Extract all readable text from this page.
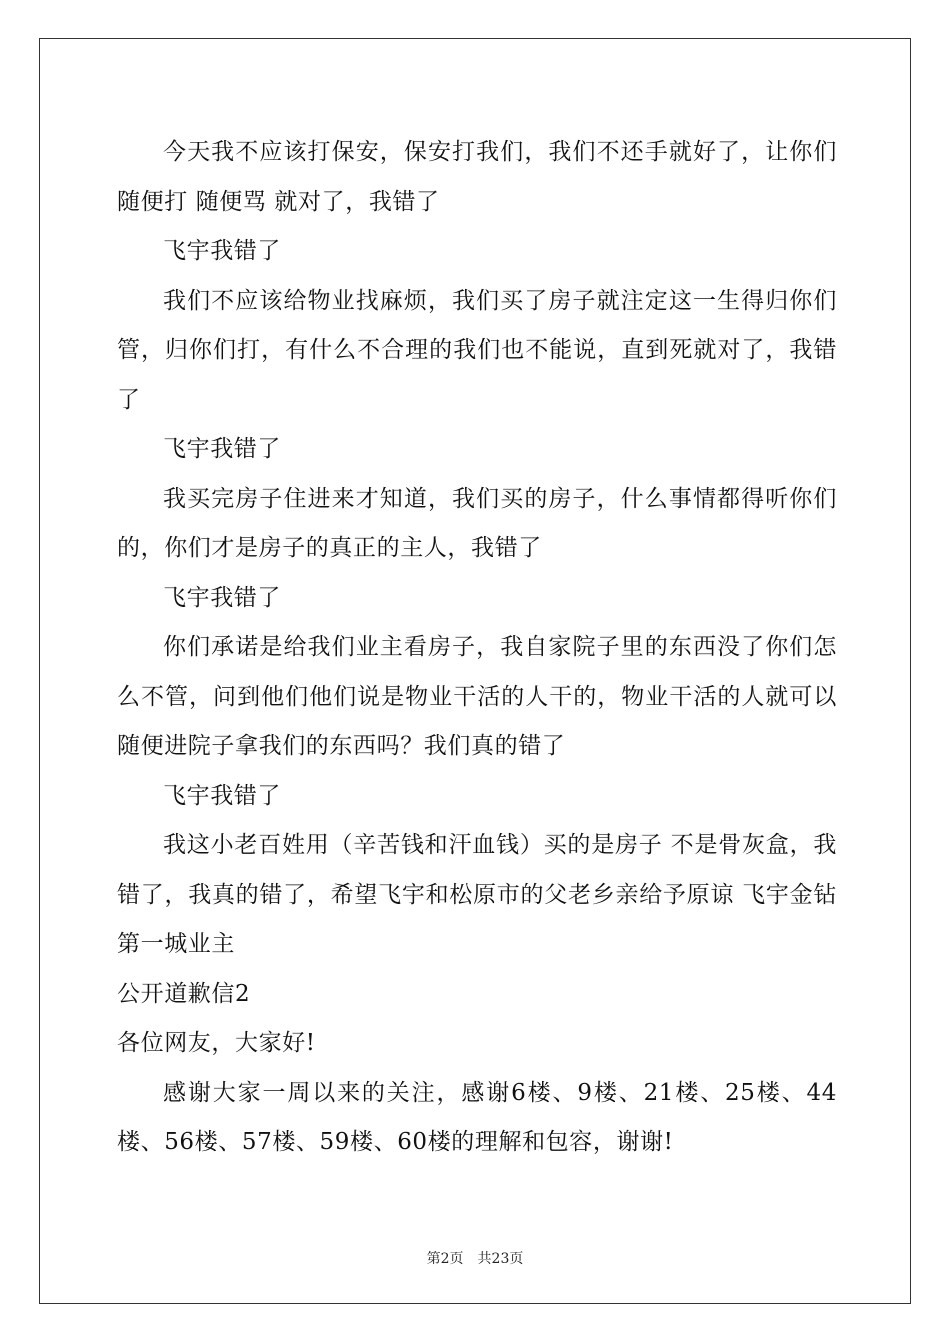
今天我不应该打保安，保安打我们，我们不还手就好了，让你们随便打 随便骂 就对了，我错了

飞宇我错了

我们不应该给物业找麻烦，我们买了房子就注定这一生得归你们管，归你们打，有什么不合理的我们也不能说，直到死就对了，我错了

飞宇我错了

我买完房子住进来才知道，我们买的房子，什么事情都得听你们的，你们才是房子的真正的主人，我错了

飞宇我错了

你们承诺是给我们业主看房子，我自家院子里的东西没了你们怎么不管，问到他们他们说是物业干活的人干的，物业干活的人就可以随便进院子拿我们的东西吗？我们真的错了

飞宇我错了

我这小老百姓用（辛苦钱和汗血钱）买的是房子 不是骨灰盒，我错了，我真的错了，希望飞宇和松原市的父老乡亲给予原谅 飞宇金钻第一城业主

公开道歉信2

各位网友，大家好!

感谢大家一周以来的关注，感谢6楼、9楼、21楼、25楼、44楼、56楼、57楼、59楼、60楼的理解和包容，谢谢!

第2页　共23页
